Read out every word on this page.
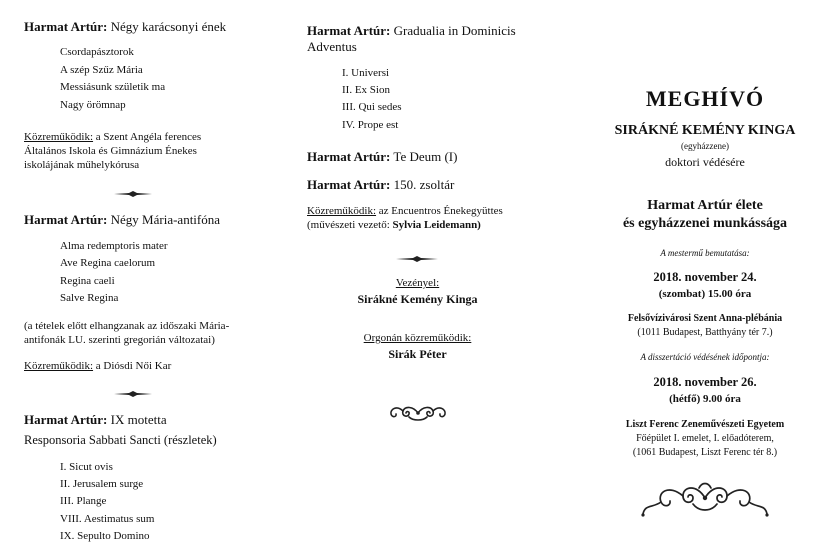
Harmat Artúr: Négy karácsonyi ének
Csordapásztorok
A szép Szűz Mária
Messiásunk születik ma
Nagy örömnap
Közreműködik: a Szent Angéla ferences
Általános Iskola és Gimnázium Énekes
iskolájának műhelykórusa
Harmat Artúr: Négy Mária-antifóna
Alma redemptoris mater
Ave Regina caelorum
Regina caeli
Salve Regina
(a tételek előtt elhangzanak az időszaki Mária-
antifonák LU. szerinti gregorián változatai)
Közreműködik: a Diósdi Női Kar
Harmat Artúr: IX motetta
Responsoria Sabbati Sancti (részletek)
I. Sicut ovis
II. Jerusalem surge
III. Plange
VIII. Aestimatus sum
IX. Sepulto Domino
Harmat Artúr: Gradualia in Dominicis
Adventus
I. Universi
II. Ex Sion
III. Qui sedes
IV. Prope est
Harmat Artúr: Te Deum (I)
Harmat Artúr: 150. zsoltár
Közreműködik: az Encuentros Énekegyüttes
(művészeti vezető: Sylvia Leidemann)
Vezényel:
Sirákné Kemény Kinga
Orgonán közreműködik:
Sirák Péter
MEGHÍVÓ
SIRÁKNÉ KEMÉNY KINGA
(egyházzene)
doktori védésére
Harmat Artúr élete
és egyházzenei munkássága
A mestermű bemutatása:
2018. november 24.
(szombat) 15.00 óra
Felsővízivárosi Szent Anna-plébánia
(1011 Budapest, Batthyány tér 7.)
A disszertáció védésének időpontja:
2018. november 26.
(hétfő) 9.00 óra
Liszt Ferenc Zeneművészeti Egyetem
Főépület I. emelet, I. előadóterem,
(1061 Budapest, Liszt Ferenc tér 8.)
